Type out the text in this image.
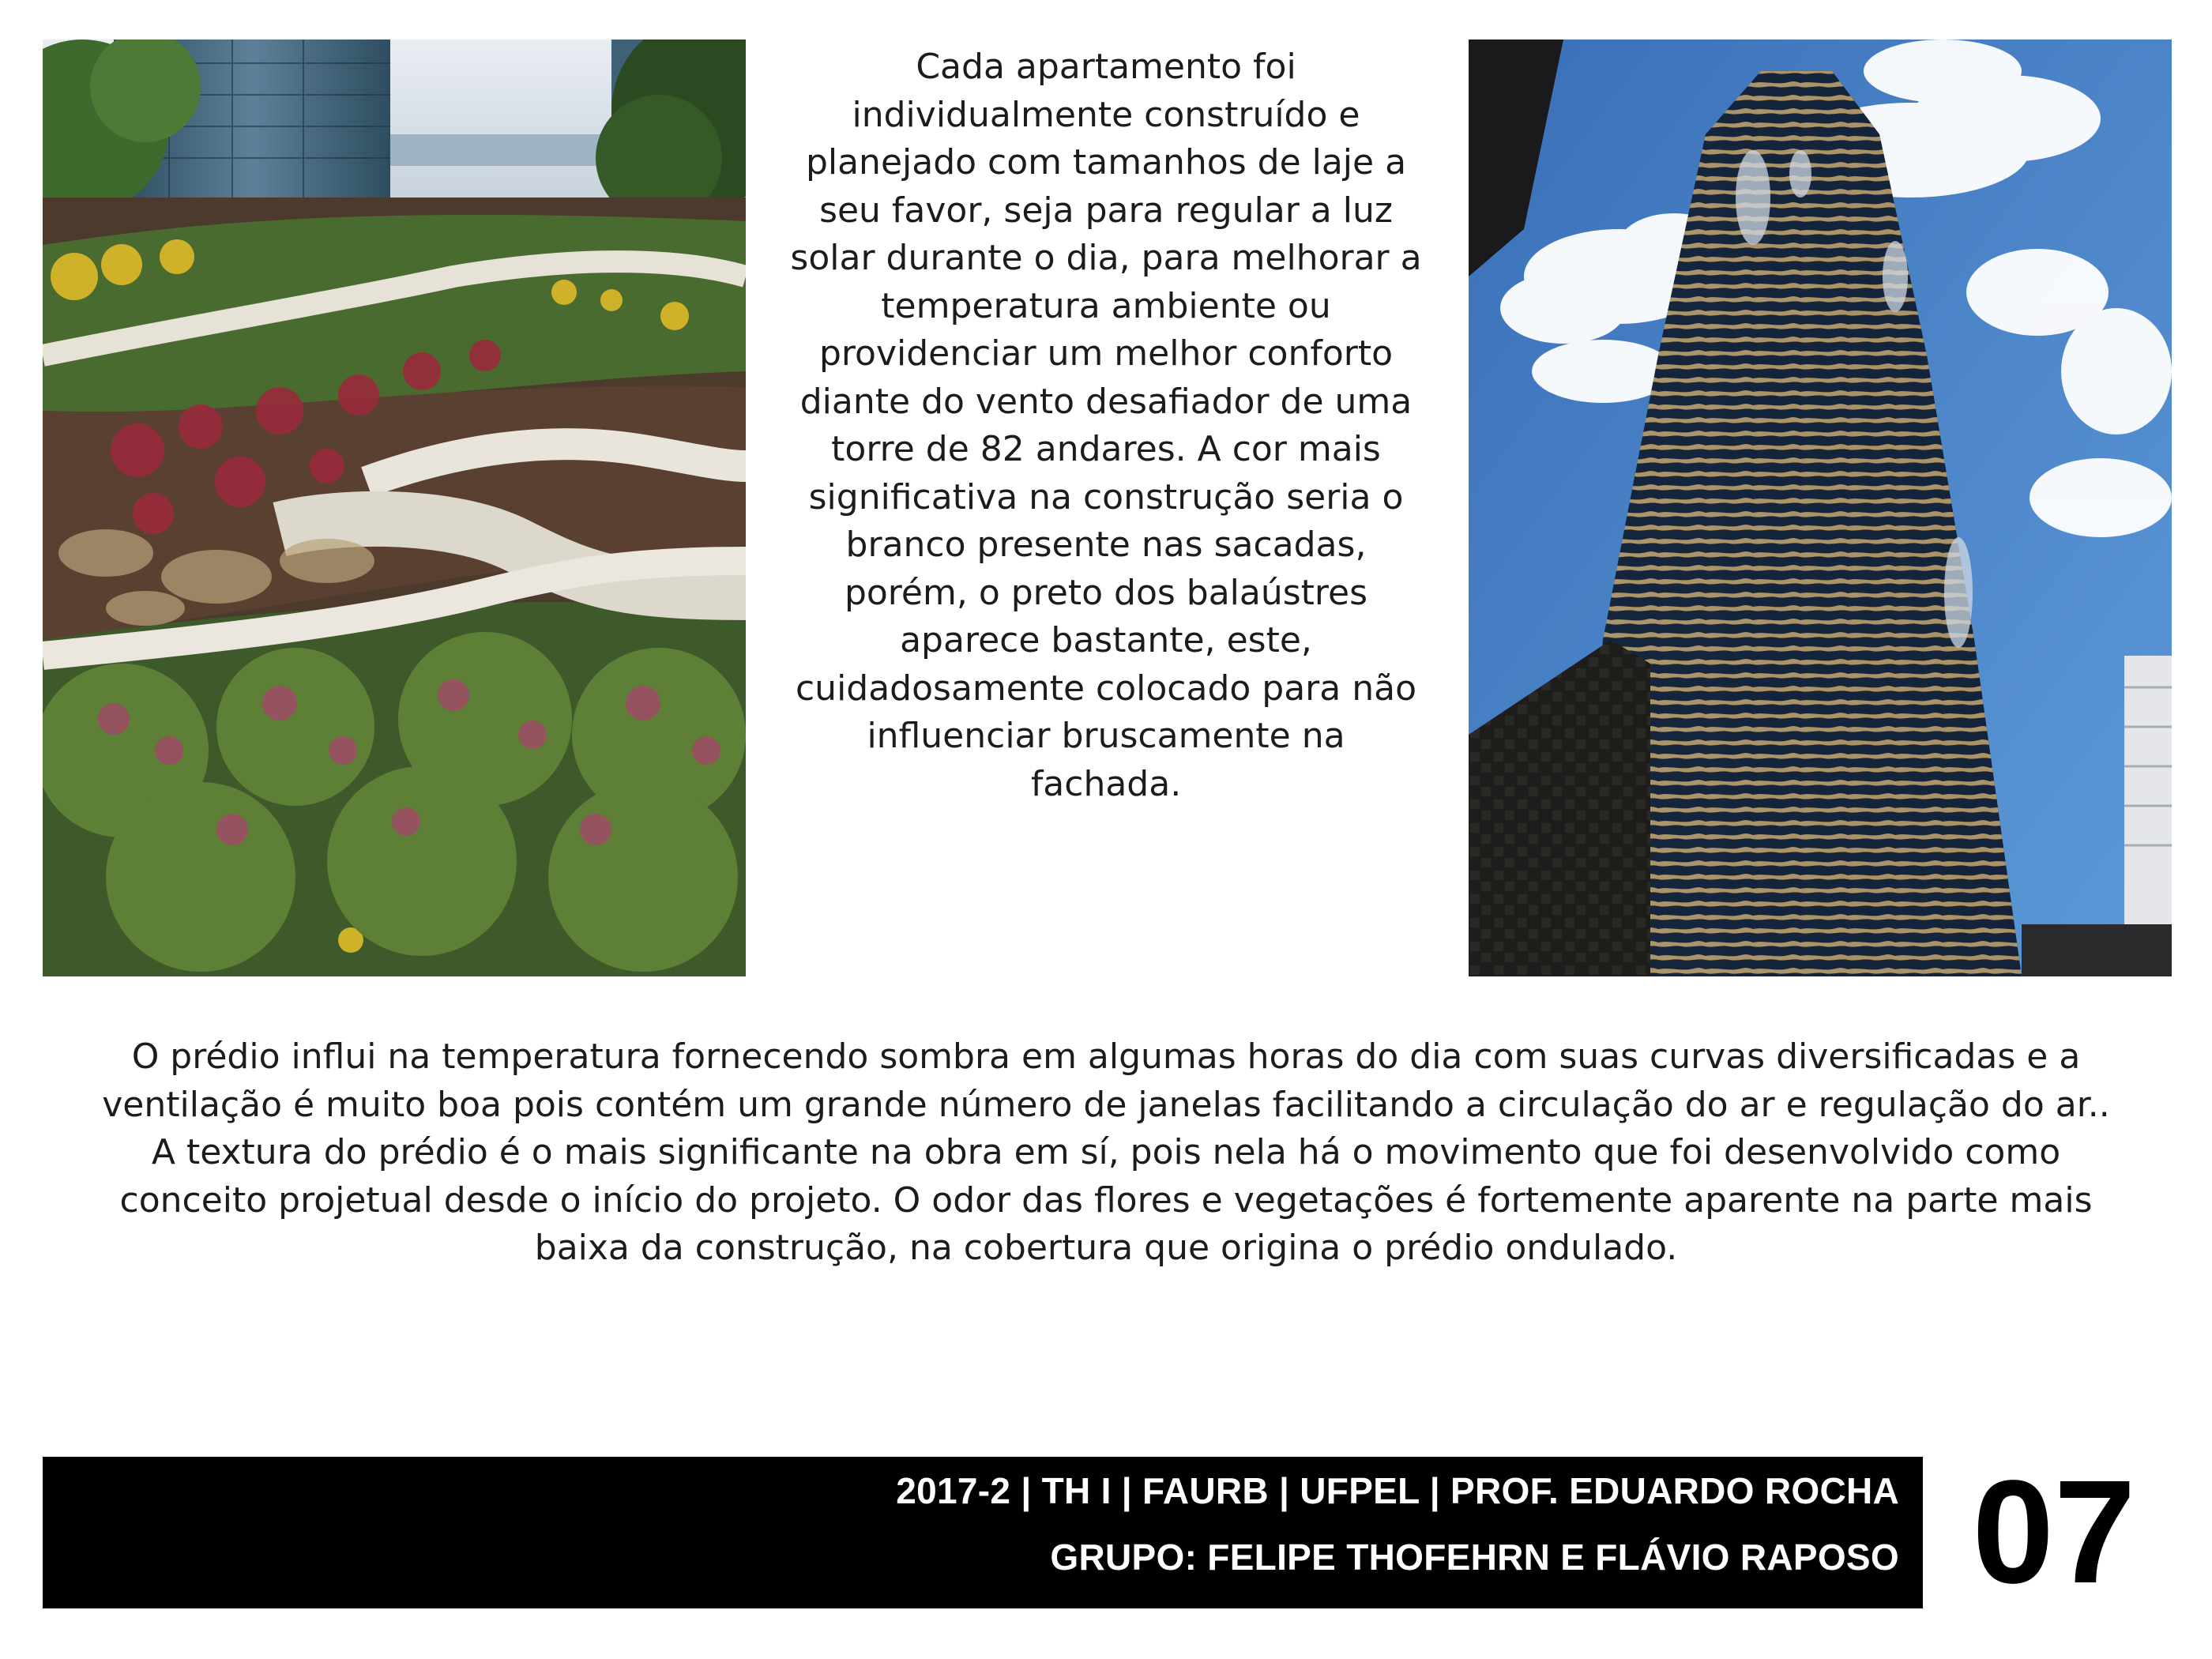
Cada apartamento foi individualmente construído e planejado com tamanhos de laje a seu favor, seja para regular a luz solar durante o dia, para melhorar a temperatura ambiente ou providenciar um melhor conforto diante do vento desafiador de uma torre de 82 andares. A cor mais significativa na construção seria o branco presente nas sacadas, porém, o preto dos balaústres aparece bastante, este, cuidadosamente colocado para não influenciar bruscamente na fachada.
O prédio influi na temperatura fornecendo sombra em algumas horas do dia com suas curvas diversificadas e a ventilação é muito boa pois contém um grande número de janelas facilitando a circulação do ar e regulação do ar.. A textura do prédio é o mais significante na obra em sí, pois nela há o movimento que foi desenvolvido como conceito projetual desde o início do projeto. O odor das flores e vegetações é fortemente aparente na parte mais baixa da construção, na cobertura que origina o prédio ondulado.
2017-2 | TH I | FAURB | UFPEL | PROF. EDUARDO ROCHA
GRUPO: FELIPE THOFEHRN E FLÁVIO RAPOSO 07
